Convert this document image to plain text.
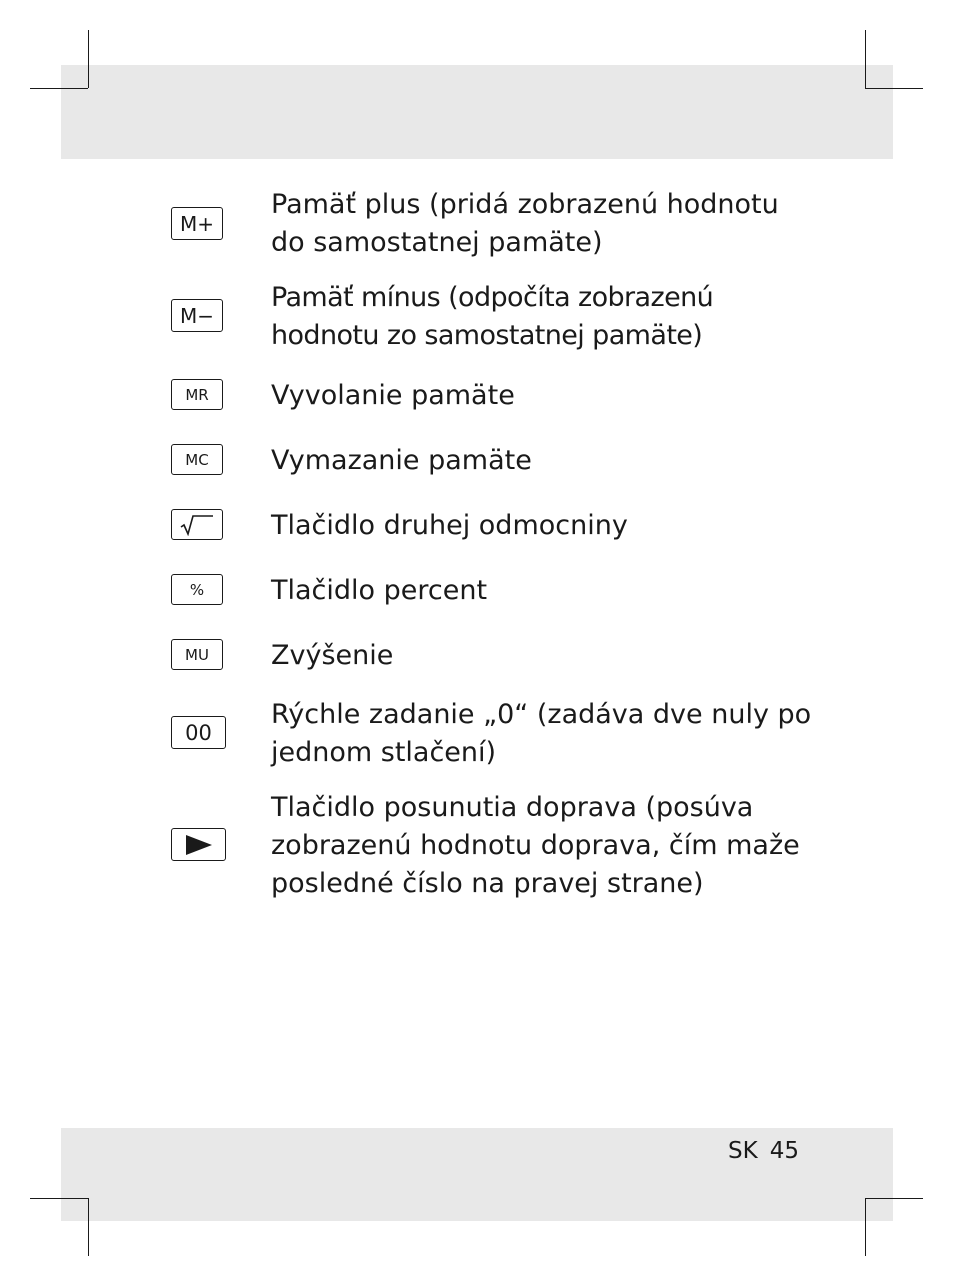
M+
Pamäť plus (pridá zobrazenú hodnotu
do samostatnej pamäte)
M−
Pamäť mínus (odpočíta zobrazenú
hodnotu zo samostatnej pamäte)
MR Vyvolanie pamäte
MC Vymazanie pamäte
Tlačidlo druhej odmocniny
% Tlačidlo percent
MU Zvýšenie
00
Rýchle zadanie „0“ (zadáva dve nuly po
jednom stlačení)
Tlačidlo posunutia doprava (posúva
zobrazenú hodnotu doprava, čím maže
posledné číslo na pravej strane)
SK 45
